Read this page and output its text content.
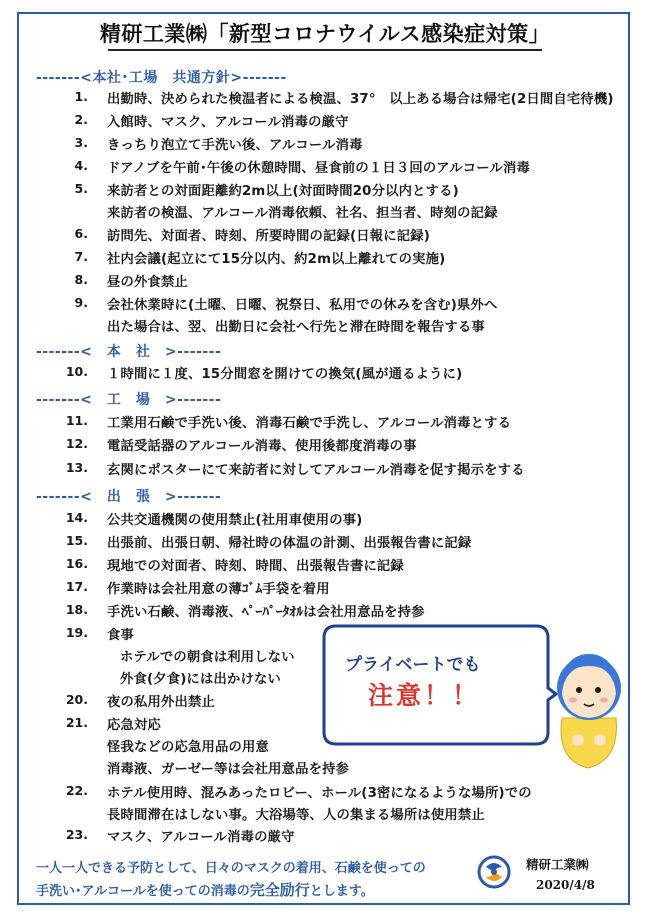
精研工業㈱「新型コロナウイルス感染症対策」
-------<本社･工場　共通方針>-------
1. 出勤時、決められた検温者による検温、37°　以上ある場合は帰宅(2日間自宅待機)
2. 入館時、マスク、アルコール消毒の厳守
3. きっちり泡立て手洗い後、アルコール消毒
4. ドアノブを午前･午後の休憩時間、昼食前の１日３回のアルコール消毒
5. 来訪者との対面距離約2m以上(対面時間20分以内とする)
来訪者の検温、アルコール消毒依頼、社名、担当者、時刻の記録
6. 訪問先、対面者、時刻、所要時間の記録(日報に記録)
7. 社内会議(起立にて15分以内、約2m以上離れての実施)
8. 昼の外食禁止
9. 会社休業時に(土曜、日曜、祝祭日、私用での休みを含む)県外へ
出た場合は、翌、出勤日に会社へ行先と滞在時間を報告する事
-------<　本　社　>-------
10. １時間に１度、15分間窓を開けての換気(風が通るように)
-------<　工　場　>-------
11. 工業用石鹸で手洗い後、消毒石鹸で手洗し、アルコール消毒とする
12. 電話受話器のアルコール消毒、使用後都度消毒の事
13. 玄関にポスターにて来訪者に対してアルコール消毒を促す掲示をする
-------<　出　張　>-------
14. 公共交通機関の使用禁止(社用車使用の事)
15. 出張前、出張日朝、帰社時の体温の計測、出張報告書に記録
16. 現地での対面者、時刻、時間、出張報告書に記録
17. 作業時は会社用意の薄ｺﾞﾑ手袋を着用
18. 手洗い石鹸、消毒液、ﾍﾟｰﾊﾟｰﾀｵﾙは会社用意品を持参
19. 食事
ホテルでの朝食は利用しない
外食(夕食)には出かけない
20. 夜の私用外出禁止
21. 応急対応
怪我などの応急用品の用意
消毒液、ガーゼー等は会社用意品を持参
22. ホテル使用時、混みあったロビー、ホール(3密になるような場所)での
長時間滞在はしない事。大浴場等、人の集まる場所は使用禁止
23. マスク、アルコール消毒の厳守
プライベートでも
注意！！
一人一人できる予防として、日々のマスクの着用、石鹸を使っての
手洗い･アルコールを使っての消毒の完全励行とします。
精研工業㈱
2020/4/8
